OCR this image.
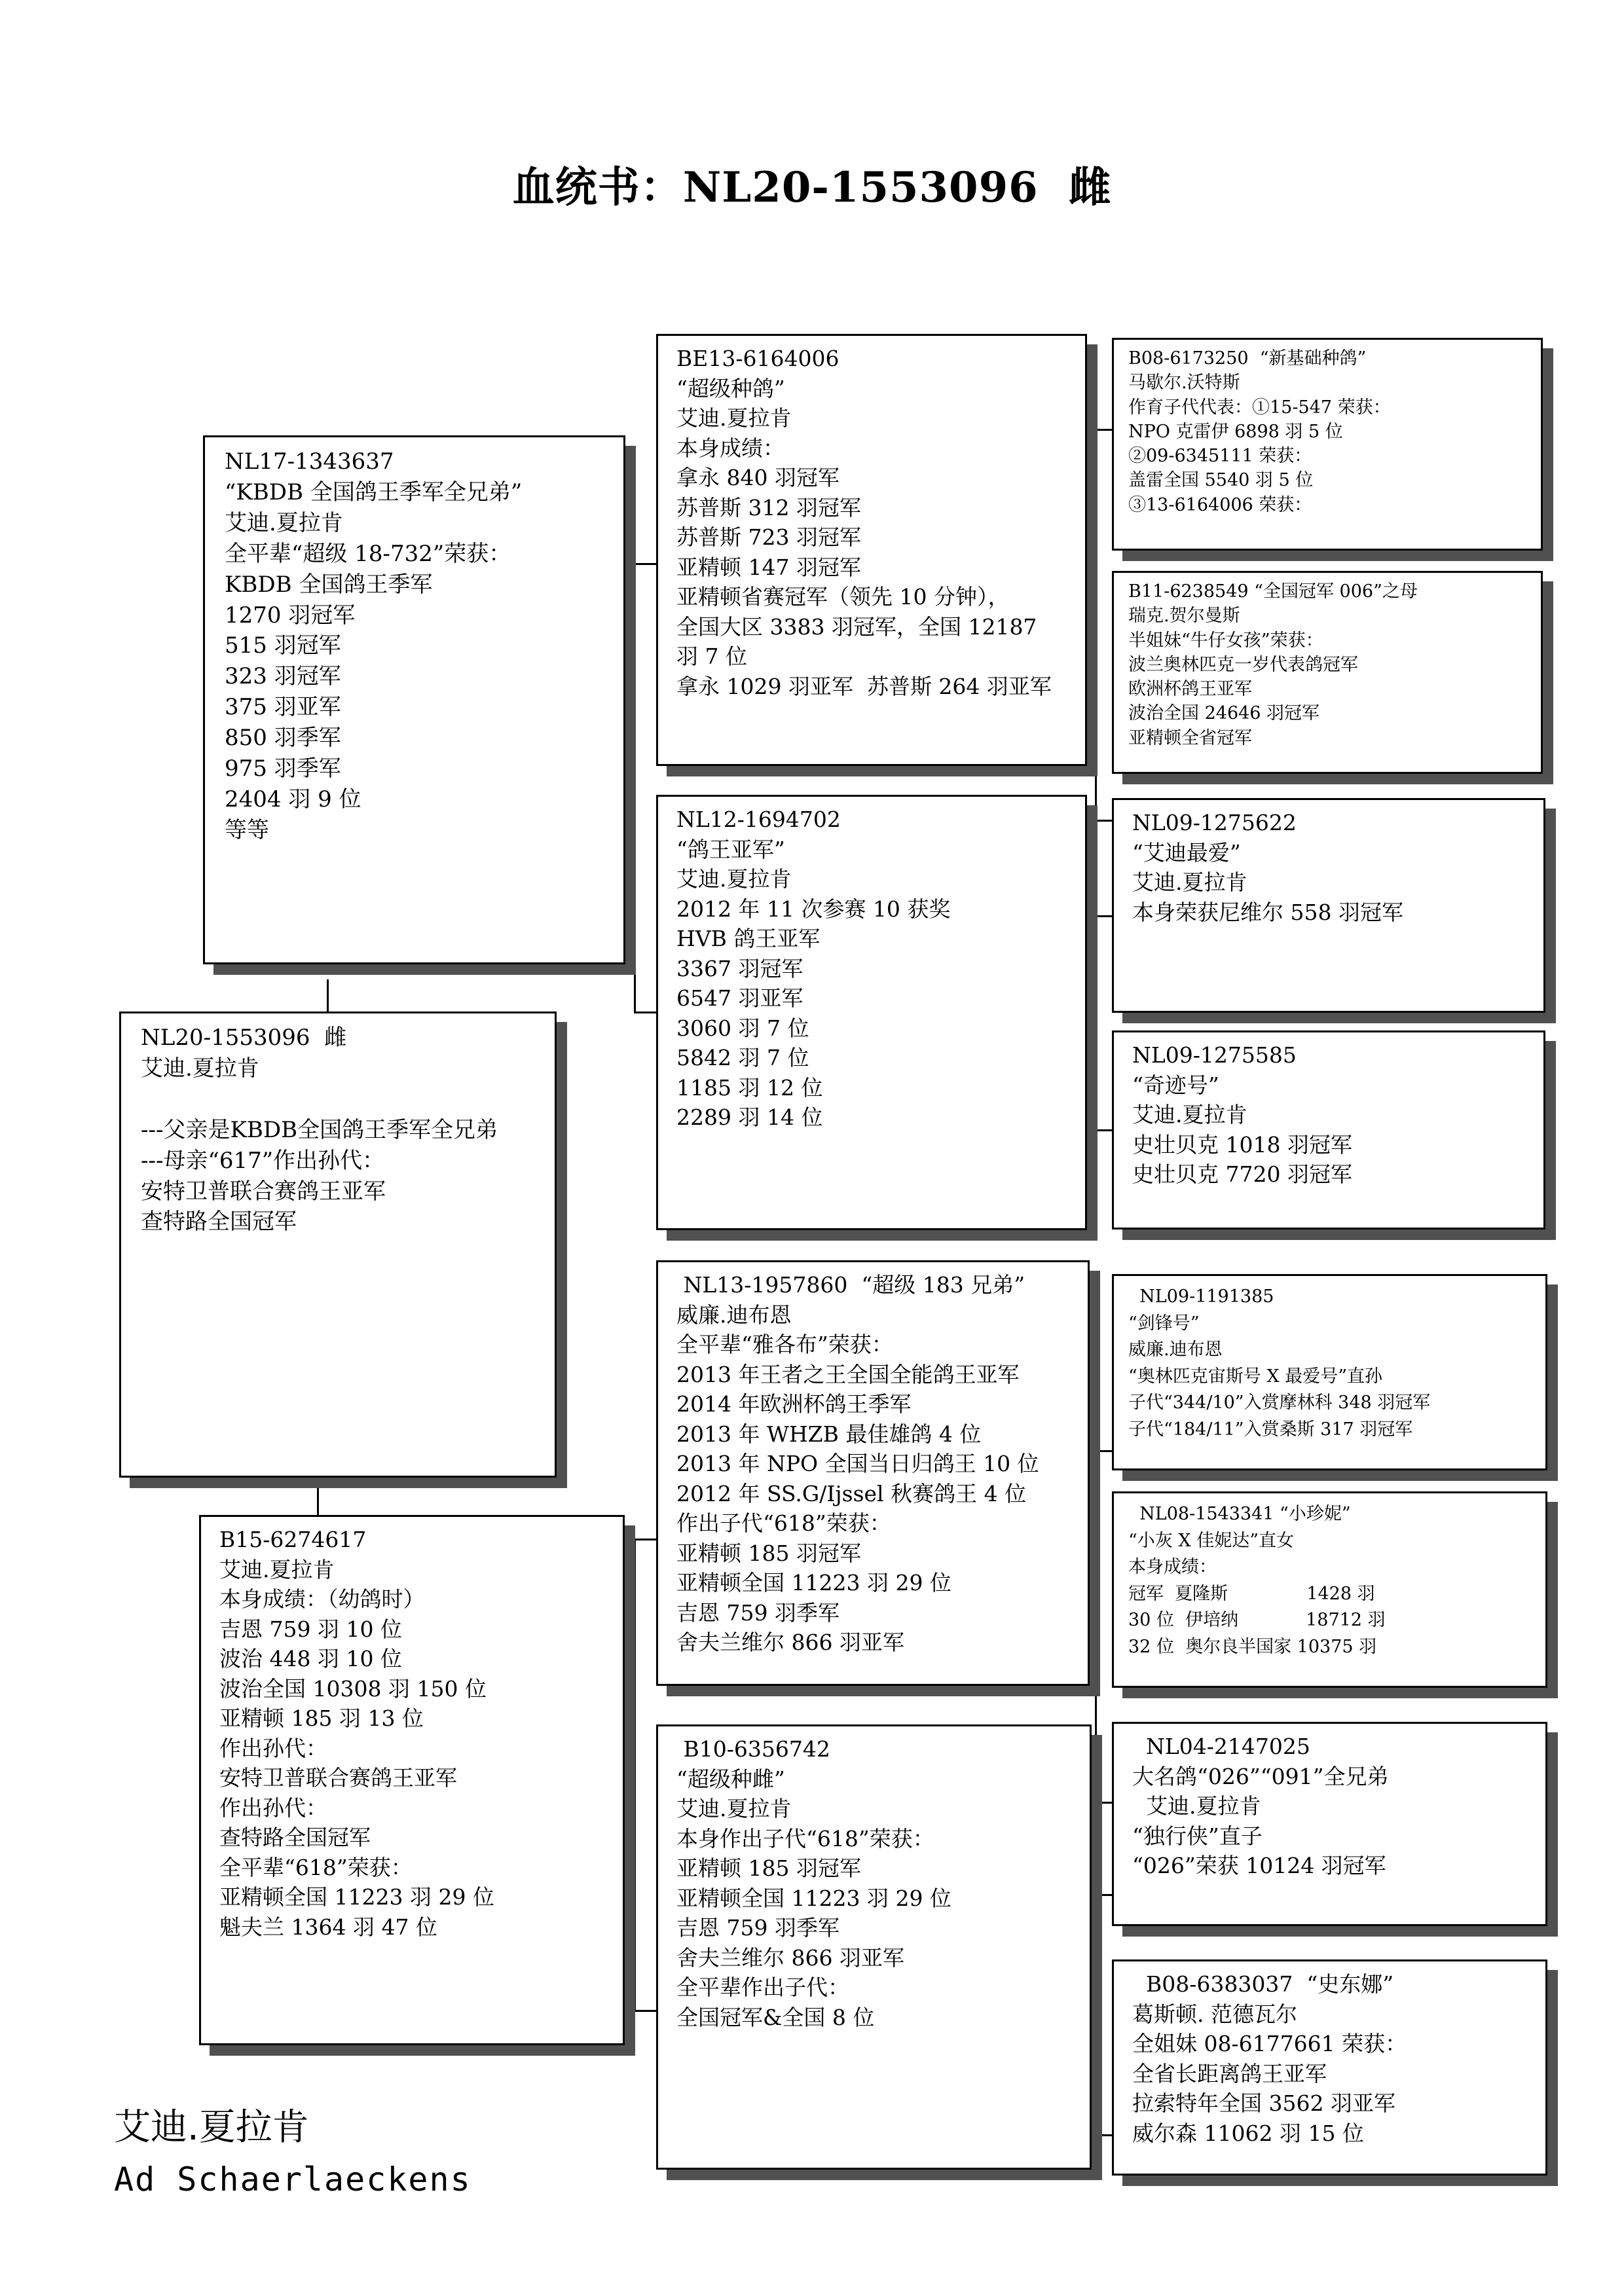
血统书：NL20-1553096  雌
NL17-1343637
“KBDB 全国鸽王季军全兄弟”
艾迪.夏拉肯
全平辈“超级 18-732”荣获：
KBDB 全国鸽王季军
1270 羽冠军
515 羽冠军
323 羽冠军
375 羽亚军
850 羽季军
975 羽季军
2404 羽 9 位
等等
NL20-1553096  雌
艾迪.夏拉肯

---父亲是KBDB全国鸽王季军全兄弟
---母亲“617”作出孙代：
安特卫普联合赛鸽王亚军
查特路全国冠军
B15-6274617
艾迪.夏拉肯
本身成绩：（幼鸽时）
吉恩 759 羽 10 位
波治 448 羽 10 位
波治全国 10308 羽 150 位
亚精顿 185 羽 13 位
作出孙代：
安特卫普联合赛鸽王亚军
作出孙代：
查特路全国冠军
全平辈“618”荣获：
亚精顿全国 11223 羽 29 位
魁夫兰 1364 羽 47 位
BE13-6164006
“超级种鸽”
艾迪.夏拉肯
本身成绩：
拿永 840 羽冠军
苏普斯 312 羽冠军
苏普斯 723 羽冠军
亚精顿 147 羽冠军
亚精顿省赛冠军（领先 10 分钟），
全国大区 3383 羽冠军，全国 12187
羽 7 位
拿永 1029 羽亚军  苏普斯 264 羽亚军
NL12-1694702
“鸽王亚军”
艾迪.夏拉肯
2012 年 11 次参赛 10 获奖
HVB 鸽王亚军
3367 羽冠军
6547 羽亚军
3060 羽 7 位
5842 羽 7 位
1185 羽 12 位
2289 羽 14 位
NL13-1957860  “超级 183 兄弟”
威廉.迪布恩
全平辈“雅各布”荣获：
2013 年王者之王全国全能鸽王亚军
2014 年欧洲杯鸽王季军
2013 年 WHZB 最佳雄鸽 4 位
2013 年 NPO 全国当日归鸽王 10 位
2012 年 SS.G/Ijssel 秋赛鸽王 4 位
作出子代“618”荣获：
亚精顿 185 羽冠军
亚精顿全国 11223 羽 29 位
吉恩 759 羽季军
舍夫兰维尔 866 羽亚军
B10-6356742
“超级种雌”
艾迪.夏拉肯
本身作出子代“618”荣获：
亚精顿 185 羽冠军
亚精顿全国 11223 羽 29 位
吉恩 759 羽季军
舍夫兰维尔 866 羽亚军
全平辈作出子代：
全国冠军&全国 8 位
B08-6173250  “新基础种鸽”
马歇尔.沃特斯
作育子代代表：①15-547 荣获：
NPO 克雷伊 6898 羽 5 位
②09-6345111 荣获：
盖雷全国 5540 羽 5 位
③13-6164006 荣获：
B11-6238549 “全国冠军 006”之母
瑞克.贺尔曼斯
半姐妹“牛仔女孩”荣获：
波兰奥林匹克一岁代表鸽冠军
欧洲杯鸽王亚军
波治全国 24646 羽冠军
亚精顿全省冠军
NL09-1275622
“艾迪最爱”
艾迪.夏拉肯
本身荣获尼维尔 558 羽冠军
NL09-1275585
“奇迹号”
艾迪.夏拉肯
史壮贝克 1018 羽冠军
史壮贝克 7720 羽冠军
NL09-1191385
“剑锋号”
威廉.迪布恩
“奥林匹克宙斯号 X 最爱号”直孙
子代“344/10”入赏摩林科 348 羽冠军
子代“184/11”入赏桑斯 317 羽冠军
NL08-1543341 “小珍妮”
“小灰 X 佳妮达”直女
本身成绩：
冠军  夏隆斯              1428 羽
30 位  伊培纳            18712 羽
32 位  奥尔良半国家 10375 羽
NL04-2147025
大名鸽“026”“091”全兄弟
艾迪.夏拉肯
“独行侠”直子
“026”荣获 10124 羽冠军
B08-6383037  “史东娜”
葛斯顿. 范德瓦尔
全姐妹 08-6177661 荣获：
全省长距离鸽王亚军
拉索特年全国 3562 羽亚军
威尔森 11062 羽 15 位
艾迪.夏拉肯
Ad Schaerlaeckens
